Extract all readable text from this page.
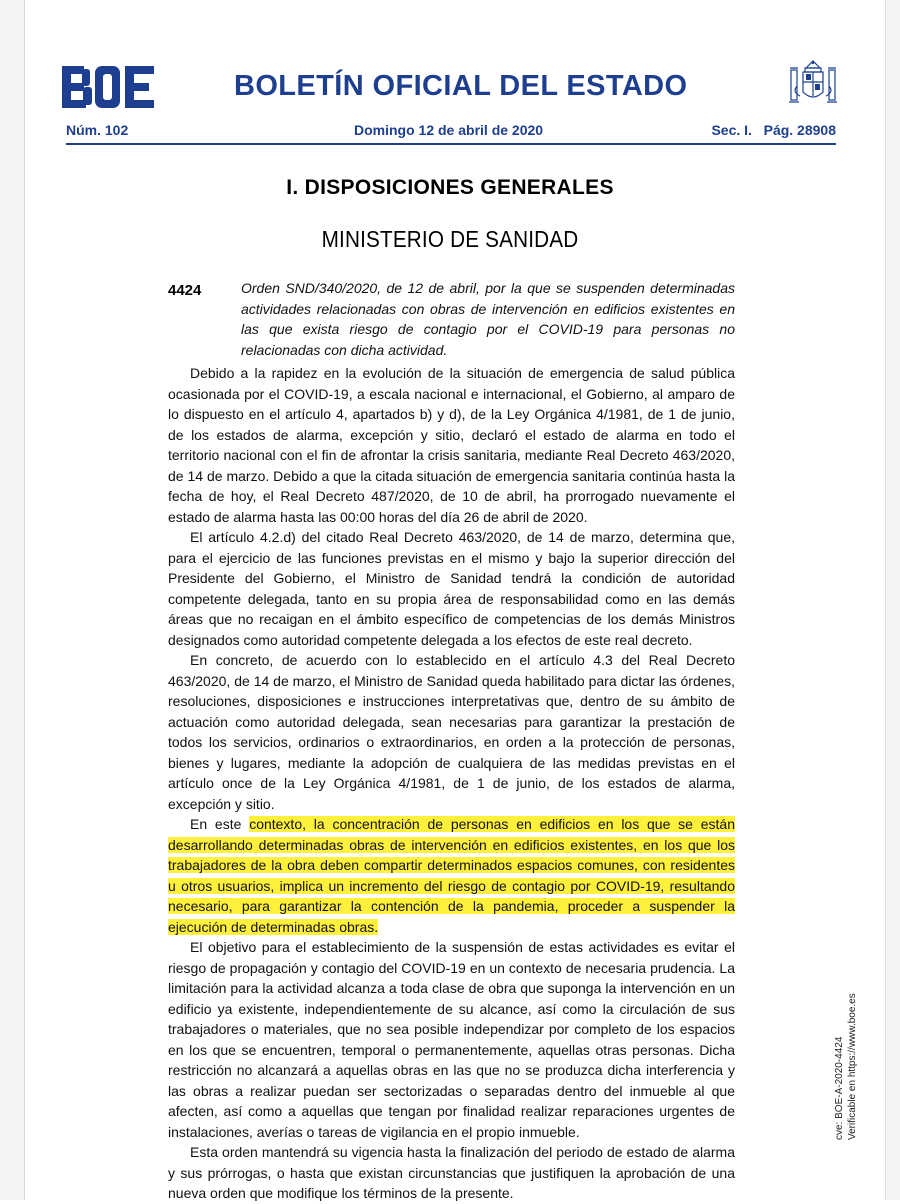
BOLETÍN OFICIAL DEL ESTADO
Núm. 102	Domingo 12 de abril de 2020	Sec. I.   Pág. 28908
I. DISPOSICIONES GENERALES
MINISTERIO DE SANIDAD
4424	Orden SND/340/2020, de 12 de abril, por la que se suspenden determinadas actividades relacionadas con obras de intervención en edificios existentes en las que exista riesgo de contagio por el COVID-19 para personas no relacionadas con dicha actividad.

Debido a la rapidez en la evolución de la situación de emergencia de salud pública ocasionada por el COVID-19, a escala nacional e internacional, el Gobierno, al amparo de lo dispuesto en el artículo 4, apartados b) y d), de la Ley Orgánica 4/1981, de 1 de junio, de los estados de alarma, excepción y sitio, declaró el estado de alarma en todo el territorio nacional con el fin de afrontar la crisis sanitaria, mediante Real Decreto 463/2020, de 14 de marzo. Debido a que la citada situación de emergencia sanitaria continúa hasta la fecha de hoy, el Real Decreto 487/2020, de 10 de abril, ha prorrogado nuevamente el estado de alarma hasta las 00:00 horas del día 26 de abril de 2020.

El artículo 4.2.d) del citado Real Decreto 463/2020, de 14 de marzo, determina que, para el ejercicio de las funciones previstas en el mismo y bajo la superior dirección del Presidente del Gobierno, el Ministro de Sanidad tendrá la condición de autoridad competente delegada, tanto en su propia área de responsabilidad como en las demás áreas que no recaigan en el ámbito específico de competencias de los demás Ministros designados como autoridad competente delegada a los efectos de este real decreto.

En concreto, de acuerdo con lo establecido en el artículo 4.3 del Real Decreto 463/2020, de 14 de marzo, el Ministro de Sanidad queda habilitado para dictar las órdenes, resoluciones, disposiciones e instrucciones interpretativas que, dentro de su ámbito de actuación como autoridad delegada, sean necesarias para garantizar la prestación de todos los servicios, ordinarios o extraordinarios, en orden a la protección de personas, bienes y lugares, mediante la adopción de cualquiera de las medidas previstas en el artículo once de la Ley Orgánica 4/1981, de 1 de junio, de los estados de alarma, excepción y sitio.

En este contexto, la concentración de personas en edificios en los que se están desarrollando determinadas obras de intervención en edificios existentes, en los que los trabajadores de la obra deben compartir determinados espacios comunes, con residentes u otros usuarios, implica un incremento del riesgo de contagio por COVID-19, resultando necesario, para garantizar la contención de la pandemia, proceder a suspender la ejecución de determinadas obras.

El objetivo para el establecimiento de la suspensión de estas actividades es evitar el riesgo de propagación y contagio del COVID-19 en un contexto de necesaria prudencia. La limitación para la actividad alcanza a toda clase de obra que suponga la intervención en un edificio ya existente, independientemente de su alcance, así como la circulación de sus trabajadores o materiales, que no sea posible independizar por completo de los espacios en los que se encuentren, temporal o permanentemente, aquellas otras personas. Dicha restricción no alcanzará a aquellas obras en las que no se produzca dicha interferencia y las obras a realizar puedan ser sectorizadas o separadas dentro del inmueble al que afecten, así como a aquellas que tengan por finalidad realizar reparaciones urgentes de instalaciones, averías o tareas de vigilancia en el propio inmueble.

Esta orden mantendrá su vigencia hasta la finalización del periodo de estado de alarma y sus prórrogas, o hasta que existan circunstancias que justifiquen la aprobación de una nueva orden que modifique los términos de la presente.

cve: BOE-A-2020-4424 Verificable en https://www.boe.es
